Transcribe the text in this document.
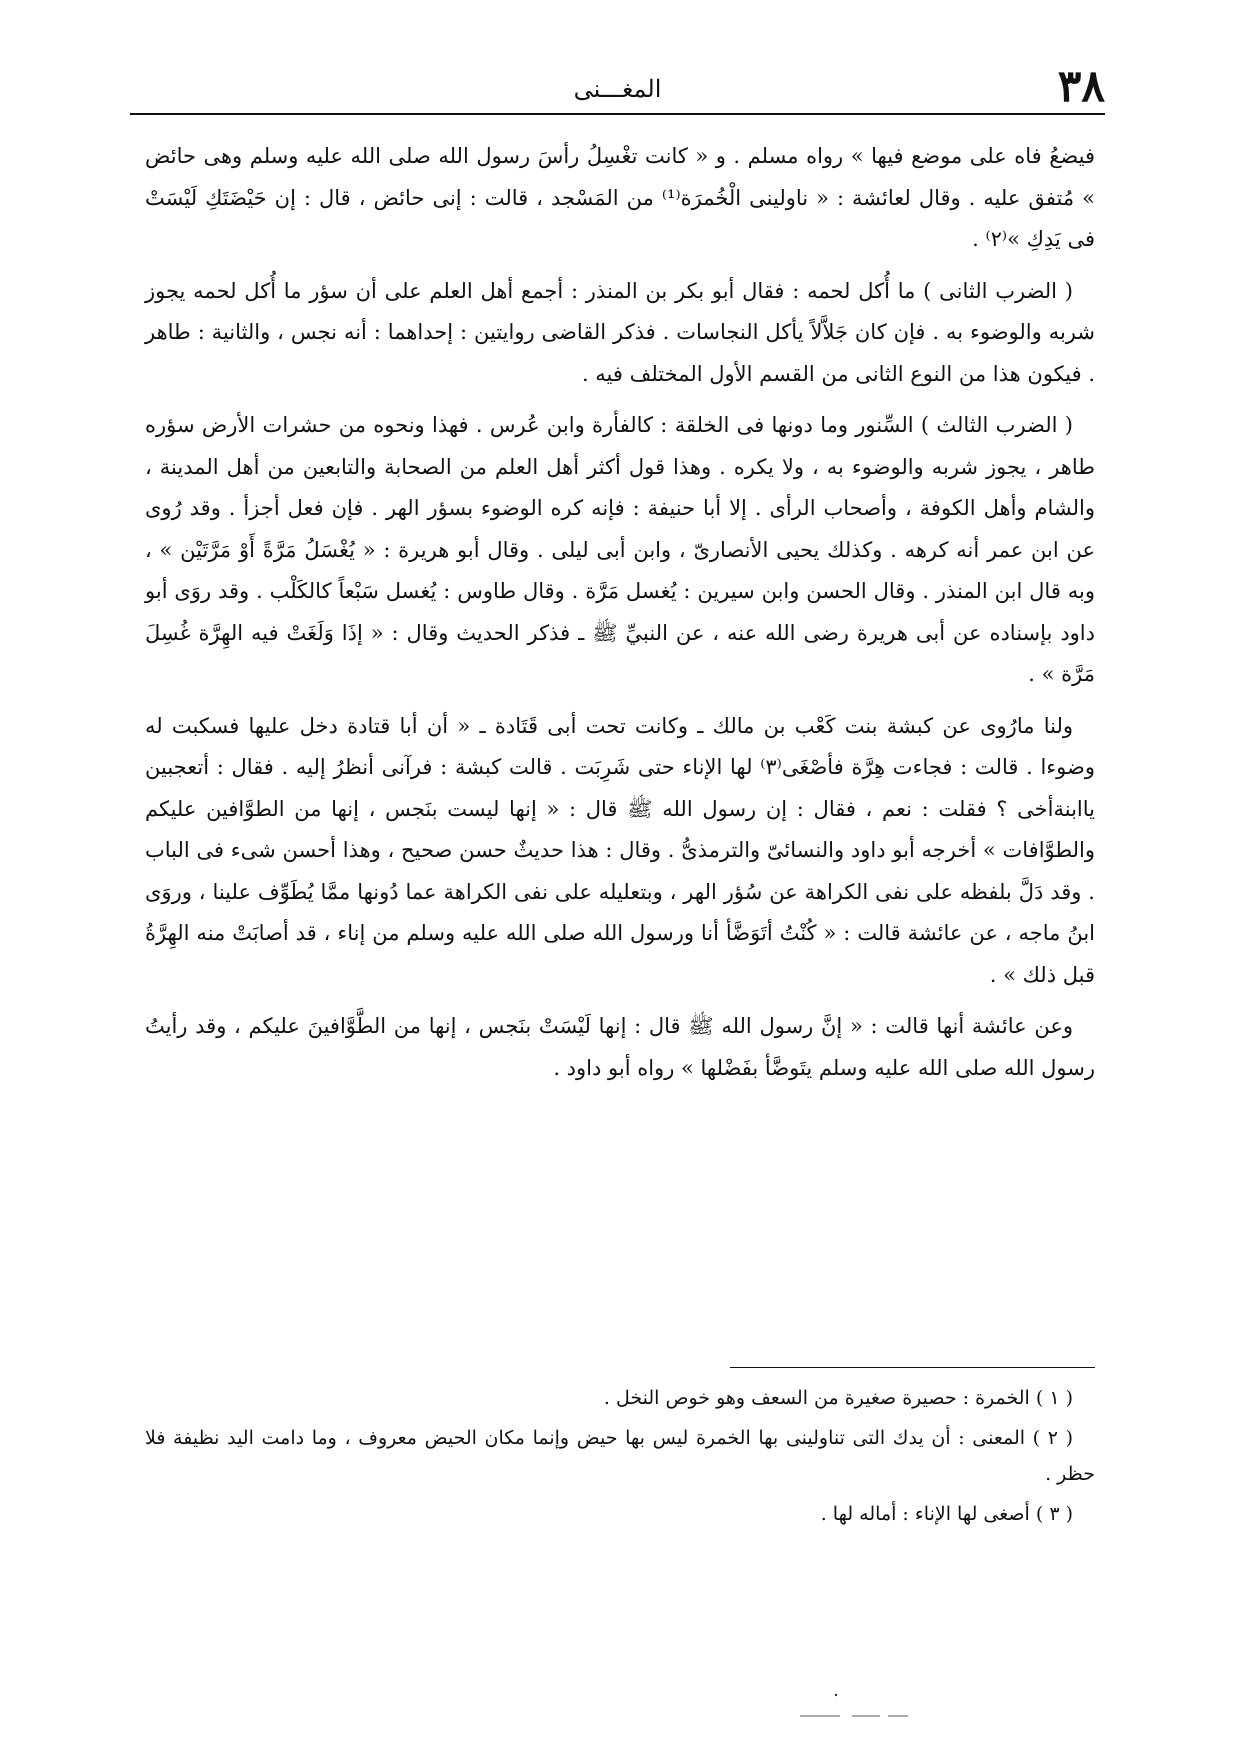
٣٨
المغـــنى

فيضعُ فاه على موضع فيها » رواه مسلم . و « كانت تغْسِلُ رأسَ رسول الله صلى الله عليه وسلم وهى حائض » مُتفق عليه . وقال لعائشة : « ناولينى الْخُمرَة⁽¹⁾ من المَسْجد ، قالت : إنى حائض ، قال : إن حَيْضَتَكِ لَيْسَتْ فى يَدِكِ »⁽٢⁾ .

( الضرب الثانى ) ما أُكل لحمه : فقال أبو بكر بن المنذر : أجمع أهل العلم على أن سؤر ما أُكل لحمه يجوز شربه والوضوء به . فإن كان جَلاَّلاً يأكل النجاسات . فذكر القاضى روايتين : إحداهما : أنه نجس ، والثانية : طاهر . فيكون هذا من النوع الثانى من القسم الأول المختلف فيه .

( الضرب الثالث ) السِّنور وما دونها فى الخلقة : كالفأرة وابن عُرس . فهذا ونحوه من حشرات الأرض سؤره طاهر ، يجوز شربه والوضوء به ، ولا يكره . وهذا قول أكثر أهل العلم من الصحابة والتابعين من أهل المدينة ، والشام وأهل الكوفة ، وأصحاب الرأى . إلا أبا حنيفة : فإنه كره الوضوء بسؤر الهر . فإن فعل أجزأ . وقد رُوى عن ابن عمر أنه كرهه . وكذلك يحيى الأنصارىّ ، وابن أبى ليلى . وقال أبو هريرة : « يُغْسَلُ مَرَّةً أَوْ مَرَّتَيْن » ، وبه قال ابن المنذر . وقال الحسن وابن سيرين : يُغسل مَرَّة . وقال طاوس : يُغسل سَبْعاً كالكَلْب . وقد روَى أبو داود بإسناده عن أبى هريرة رضى الله عنه ، عن النبيِّ ﷺ ـ فذكر الحديث وقال : « إذَا وَلَغَتْ فيه الهِرَّة غُسِلَ مَرَّة » .

ولنا مارُوى عن كبشة بنت كَعْب بن مالك ـ وكانت تحت أبى قَتَادة ـ « أن أبا قتادة دخل عليها فسكبت له وضوءا . قالت : فجاءت هِرَّة فأصْغَى⁽٣⁾ لها الإناء حتى شَرِبَت . قالت كبشة : فرآنى أنظرُ إليه . فقال : أتعجبين ياابنةأخى ؟ فقلت : نعم ، فقال : إن رسول الله ﷺ قال : « إنها ليست بنَجس ، إنها من الطوَّافين عليكم والطوَّافات » أخرجه أبو داود والنسائىّ والترمذىُّ . وقال : هذا حديثٌ حسن صحيح ، وهذا أحسن شىء فى الباب . وقد دَلَّ بلفظه على نفى الكراهة عن سُؤر الهر ، وبتعليله على نفى الكراهة عما دُونها ممَّا يُطَوِّف علينا ، وروَى ابنُ ماجه ، عن عائشة قالت : « كُنْتُ أتَوَضَّأ أنا ورسول الله صلى الله عليه وسلم من إناء ، قد أصابَتْ منه الهِرَّةُ قبل ذلك » .

وعن عائشة أنها قالت : « إنَّ رسول الله ﷺ قال : إنها لَيْسَتْ بنَجس ، إنها من الطَّوَّافينَ عليكم ، وقد رأيتُ رسول الله صلى الله عليه وسلم يتَوضَّأ بفَضْلها » رواه أبو داود .

( ١ ) الخمرة : حصيرة صغيرة من السعف وهو خوص النخل .

( ٢ ) المعنى : أن يدك التى تناولينى بها الخمرة ليس بها حيض وإنما مكان الحيض معروف ، وما دامت اليد نظيفة فلا حظر .

( ٣ ) أصغى لها الإناء : أماله لها .
